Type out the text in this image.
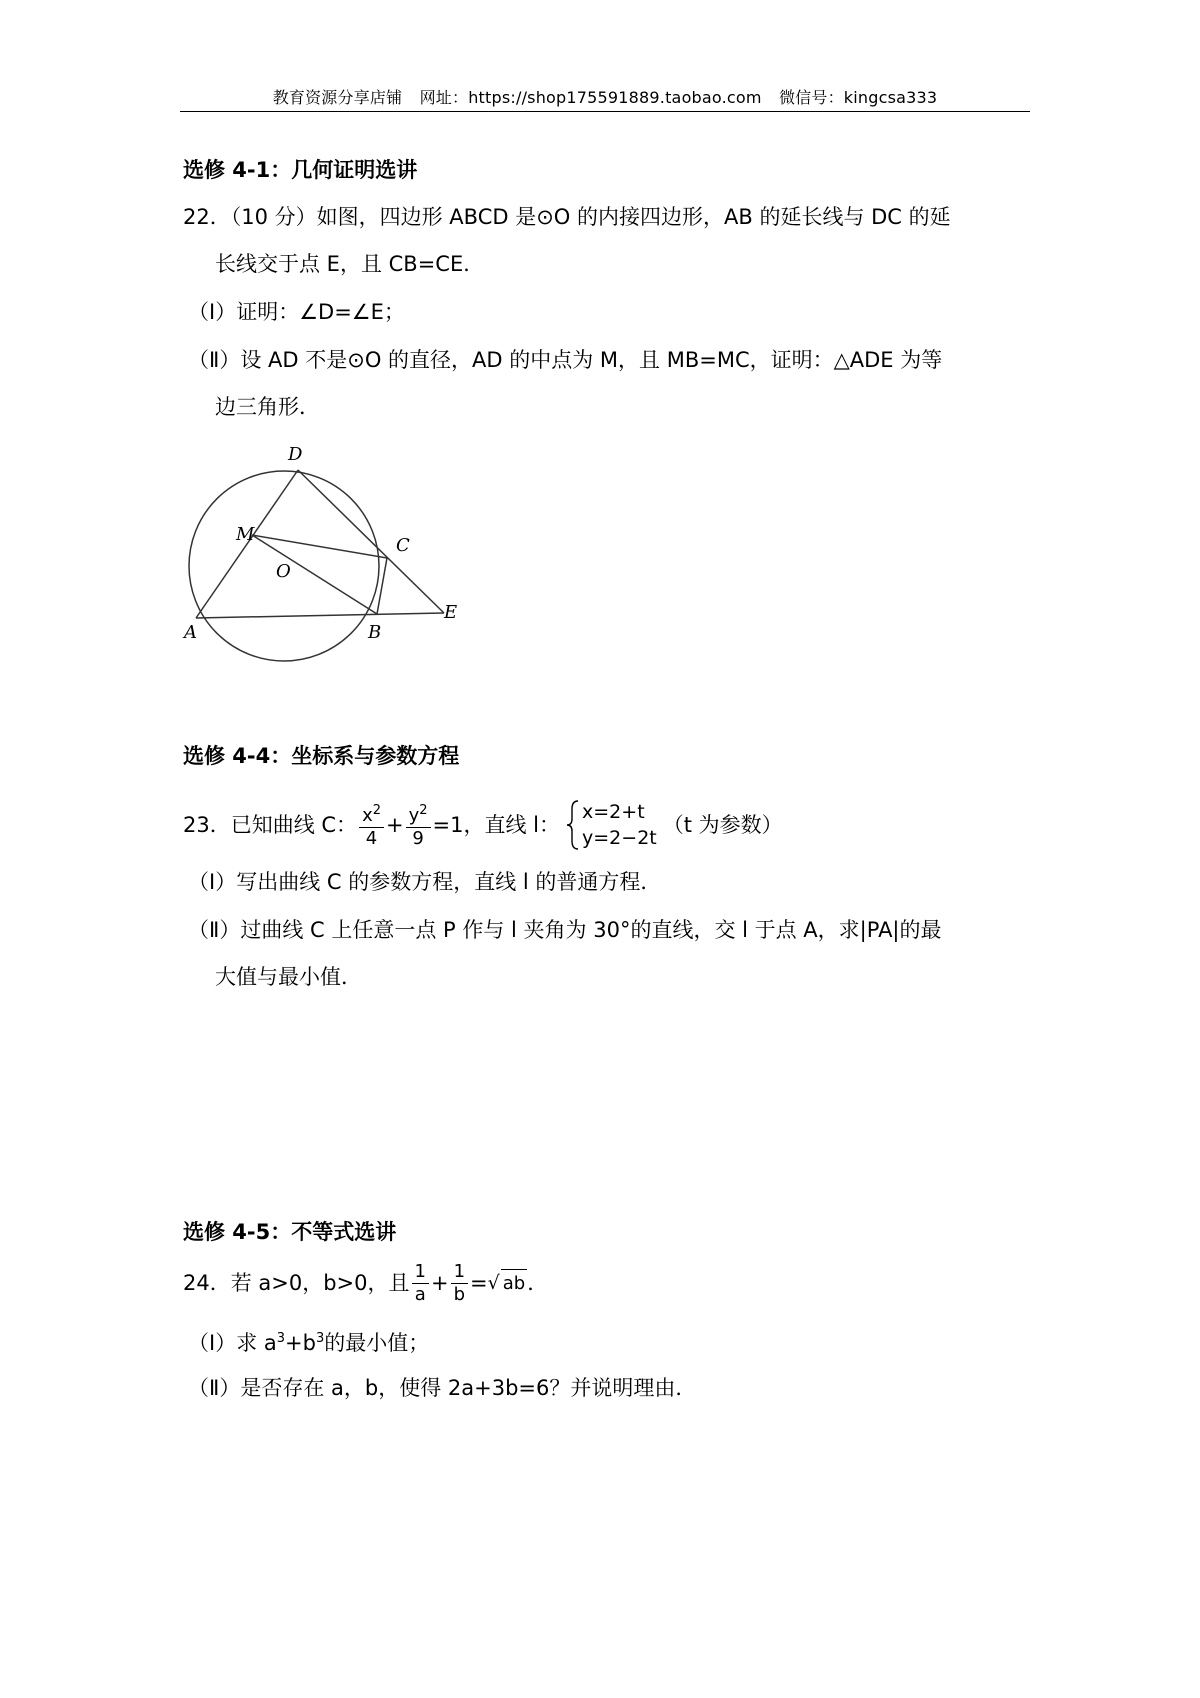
教育资源分享店铺 网址：https://shop175591889.taobao.com 微信号：kingcsa333
选修 4-1：几何证明选讲
22．（10 分）如图，四边形 ABCD 是⊙O 的内接四边形，AB 的延长线与 DC 的延
长线交于点 E，且 CB=CE．
（Ⅰ）证明：∠D=∠E；
（Ⅱ）设 AD 不是⊙O 的直径，AD 的中点为 M，且 MB=MC，证明：△ADE 为等
边三角形．
D
M
C
O
A	B
E
选修 4-4：坐标系与参数方程
23．已知曲线 C： $\frac{x^2}{4} + \frac{y^2}{9} =1$，直线 l：
x=2+t
y=2−2t
（t 为参数）
（Ⅰ）写出曲线 C 的参数方程，直线 l 的普通方程．
（Ⅱ）过曲线 C 上任意一点 P 作与 l 夹角为 30°的直线，交 l 于点 A，求|PA|的最
大值与最小值．
选修 4-5：不等式选讲
24．若 a>0，b>0，且 $\frac{1}{a} + \frac{1}{b}$ = √ ab ．
（Ⅰ）求 $a^3+b^3$的最小值；
（Ⅱ）是否存在 a，b，使得 2a+3b=6？并说明理由．
